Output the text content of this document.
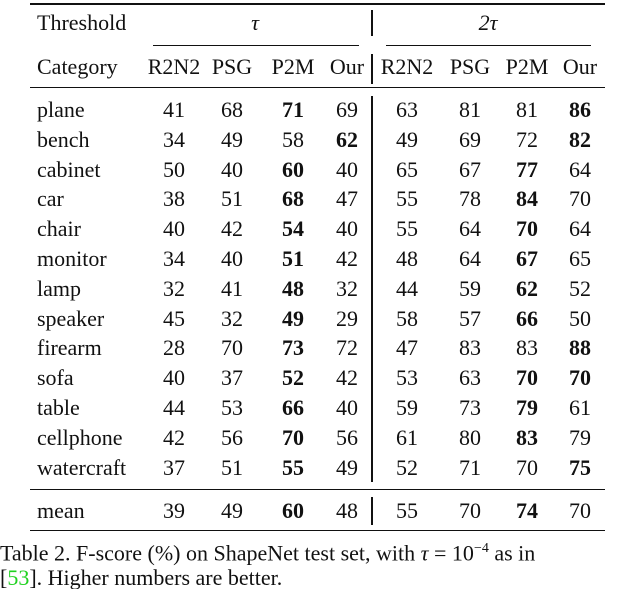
Threshold	τ	2τ
Category R2N2 PSG P2M Our R2N2 PSG P2M Our
plane	41 68 71 69 63 81 81 86
bench	34 49 58 62 49 69 72 82
cabinet	50 40 60 40 65 67 77 64
car	38 51 68 47 55 78 84 70
chair	40 42 54 40 55 64 70 64
monitor	34 40 51 42 48 64 67 65
lamp	32 41 48 32 44 59 62 52
speaker	45 32 49 29 58 57 66 50
firearm	28 70 73 72 47 83 83 88
sofa	40 37 52 42 53 63 70 70
table	44 53 66 40 59 73 79 61
cellphone 42 56 70 56 61 80 83 79
watercraft 37 51 55 49 52 71 70 75
mean	39 49 60 48 55 70 74 70
Table 2. F-score (%) on ShapeNet test set, with $\tau = 10^{-4}$ as in
[53]. Higher numbers are better.
